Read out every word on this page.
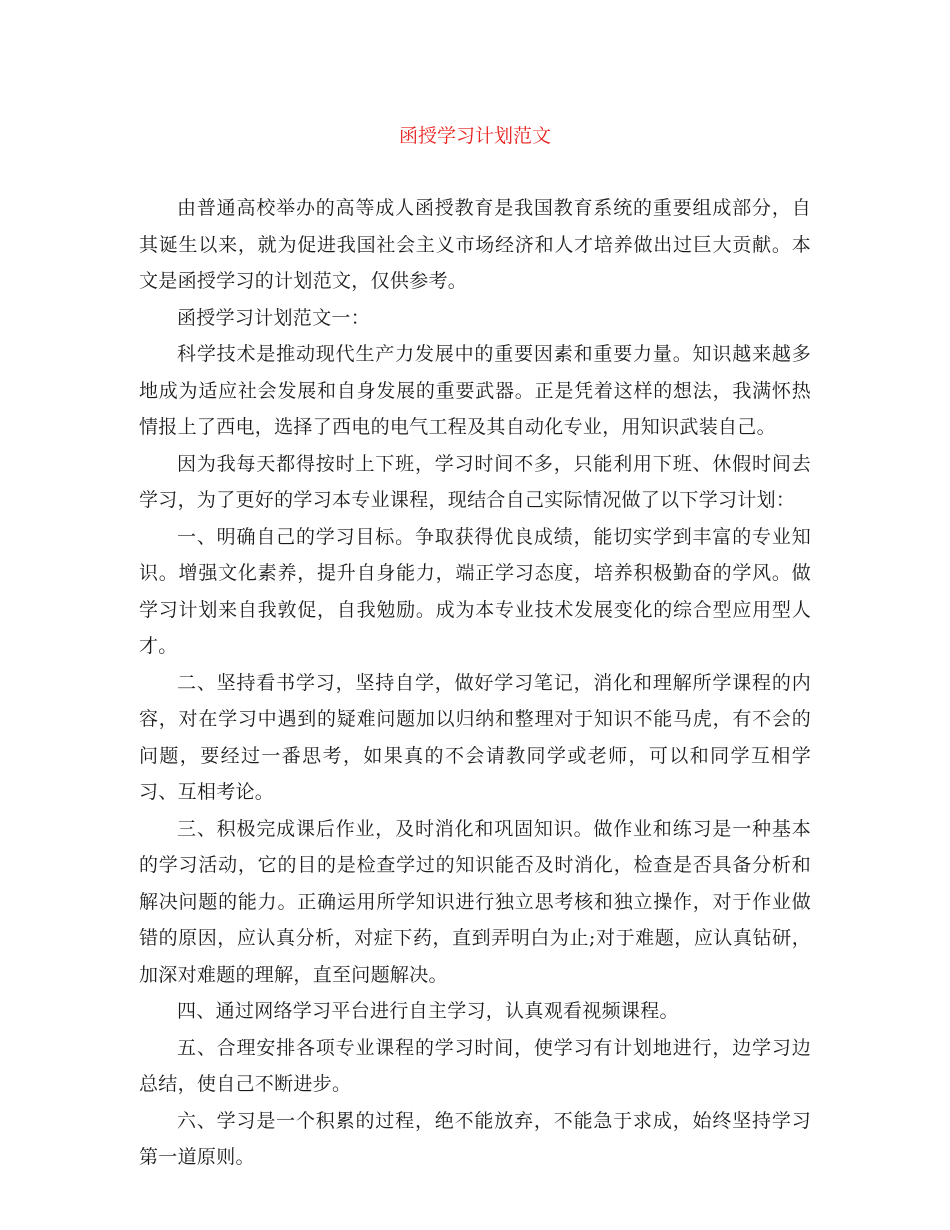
函授学习计划范文

由普通高校举办的高等成人函授教育是我国教育系统的重要组成部分，自其诞生以来，就为促进我国社会主义市场经济和人才培养做出过巨大贡献。本文是函授学习的计划范文，仅供参考。

函授学习计划范文一：

科学技术是推动现代生产力发展中的重要因素和重要力量。知识越来越多地成为适应社会发展和自身发展的重要武器。正是凭着这样的想法，我满怀热情报上了西电，选择了西电的电气工程及其自动化专业，用知识武装自己。

因为我每天都得按时上下班，学习时间不多，只能利用下班、休假时间去学习，为了更好的学习本专业课程，现结合自己实际情况做了以下学习计划：

一、明确自己的学习目标。争取获得优良成绩，能切实学到丰富的专业知识。增强文化素养，提升自身能力，端正学习态度，培养积极勤奋的学风。做学习计划来自我敦促，自我勉励。成为本专业技术发展变化的综合型应用型人才。

二、坚持看书学习，坚持自学，做好学习笔记，消化和理解所学课程的内容，对在学习中遇到的疑难问题加以归纳和整理对于知识不能马虎，有不会的问题，要经过一番思考，如果真的不会请教同学或老师，可以和同学互相学习、互相考论。

三、积极完成课后作业，及时消化和巩固知识。做作业和练习是一种基本的学习活动，它的目的是检查学过的知识能否及时消化，检查是否具备分析和解决问题的能力。正确运用所学知识进行独立思考核和独立操作，对于作业做错的原因，应认真分析，对症下药，直到弄明白为止;对于难题，应认真钻研，加深对难题的理解，直至问题解决。

四、通过网络学习平台进行自主学习，认真观看视频课程。

五、合理安排各项专业课程的学习时间，使学习有计划地进行，边学习边总结，使自己不断进步。

六、学习是一个积累的过程，绝不能放弃，不能急于求成，始终坚持学习第一道原则。
